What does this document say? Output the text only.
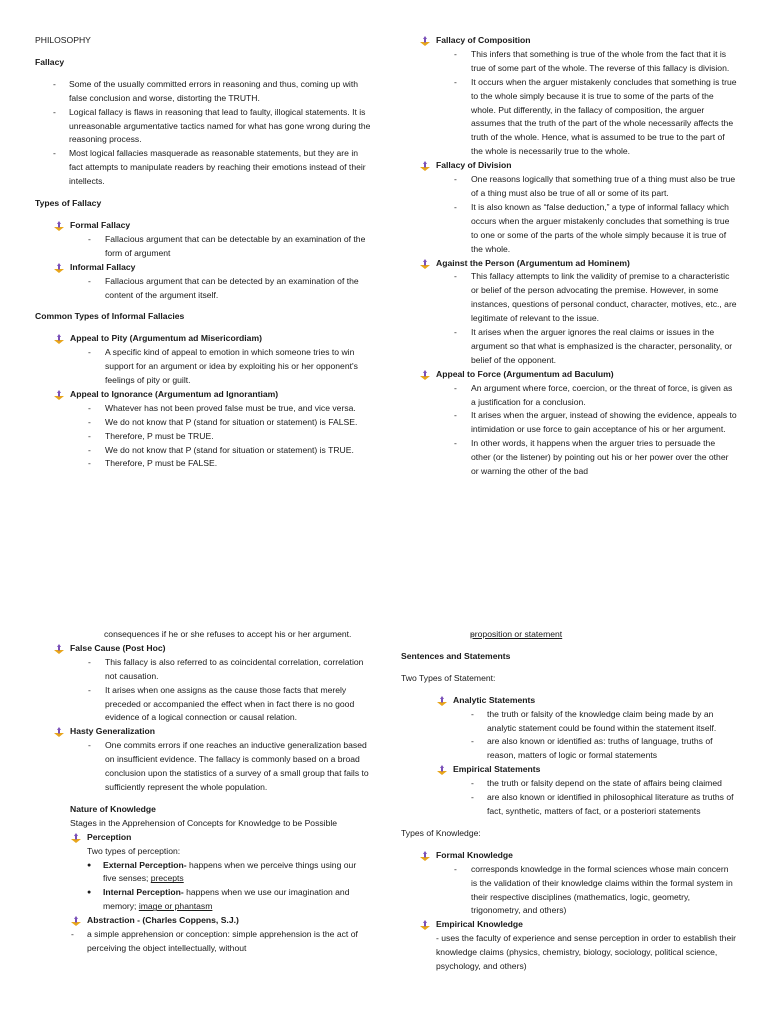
PHILOSOPHY
Fallacy
- Some of the usually committed errors in reasoning and thus, coming up with false conclusion and worse, distorting the TRUTH.
- Logical fallacy is flaws in reasoning that lead to faulty, illogical statements. It is unreasonable argumentative tactics named for what has gone wrong during the reasoning process.
- Most logical fallacies masquerade as reasonable statements, but they are in fact attempts to manipulate readers by reaching their emotions instead of their intellects.
Types of Fallacy
Formal Fallacy
- Fallacious argument that can be detectable by an examination of the form of argument
Informal Fallacy
- Fallacious argument that can be detected by an examination of the content of the argument itself.
Common Types of Informal Fallacies
Appeal to Pity (Argumentum ad Misericordiam)
- A specific kind of appeal to emotion in which someone tries to win support for an argument or idea by exploiting his or her opponent's feelings of pity or guilt.
Appeal to Ignorance (Argumentum ad Ignorantiam)
- Whatever has not been proved false must be true, and vice versa.
- We do not know that P (stand for situation or statement) is FALSE.
- Therefore, P must be TRUE.
- We do not know that P (stand for situation or statement) is TRUE.
- Therefore, P must be FALSE.
Fallacy of Composition
- This infers that something is true of the whole from the fact that it is true of some part of the whole. The reverse of this fallacy is division.
- It occurs when the arguer mistakenly concludes that something is true to the whole simply because it is true to some of the parts of the whole. Put differently, in the fallacy of composition, the arguer assumes that the truth of the part of the whole necessarily affects the truth of the whole. Hence, what is assumed to be true to the part of the whole is necessarily true to the whole.
Fallacy of Division
- One reasons logically that something true of a thing must also be true of a thing must also be true of all or some of its part.
- It is also known as “false deduction,” a type of informal fallacy which occurs when the arguer mistakenly concludes that something is true to one or some of the parts of the whole simply because it is true of the whole.
Against the Person (Argumentum ad Hominem)
- This fallacy attempts to link the validity of premise to a characteristic or belief of the person advocating the premise. However, in some instances, questions of personal conduct, character, motives, etc., are legitimate of relevant to the issue.
- It arises when the arguer ignores the real claims or issues in the argument so that what is emphasized is the character, personality, or belief of the opponent.
Appeal to Force (Argumentum ad Baculum)
- An argument where force, coercion, or the threat of force, is given as a justification for a conclusion.
- It arises when the arguer, instead of showing the evidence, appeals to intimidation or use force to gain acceptance of his or her argument.
- In other words, it happens when the arguer tries to persuade the other (or the listener) by pointing out his or her power over the other or warning the other of the bad
consequences if he or she refuses to accept his or her argument.
False Cause (Post Hoc)
- This fallacy is also referred to as coincidental correlation, correlation not causation.
- It arises when one assigns as the cause those facts that merely preceded or accompanied the effect when in fact there is no good evidence of a logical connection or causal relation.
Hasty Generalization
- One commits errors if one reaches an inductive generalization based on insufficient evidence. The fallacy is commonly based on a broad conclusion upon the statistics of a survey of a small group that fails to sufficiently represent the whole population.
Nature of Knowledge
Stages in the Apprehension of Concepts for Knowledge to be Possible
Perception
Two types of perception:
● External Perception- happens when we perceive things using our five senses; precepts
● Internal Perception- happens when we use our imagination and memory; image or phantasm
Abstraction - (Charles Coppens, S.J.)
- a simple apprehension or conception: simple apprehension is the act of perceiving the object intellectually, without
- proposition or statement
Sentences and Statements
Two Types of Statement:
Analytic Statements
- the truth or falsity of the knowledge claim being made by an analytic statement could be found within the statement itself.
- are also known or identified as: truths of language, truths of reason, matters of logic or formal statements
Empirical Statements
- the truth or falsity depend on the state of affairs being claimed
- are also known or identified in philosophical literature as truths of fact, synthetic, matters of fact, or a posteriori statements
Types of Knowledge:
Formal Knowledge
- corresponds knowledge in the formal sciences whose main concern is the validation of their knowledge claims within the formal system in their respective disciplines (mathematics, logic, geometry, trigonometry, and others)
Empirical Knowledge
- uses the faculty of experience and sense perception in order to establish their knowledge claims (physics, chemistry, biology, sociology, political science, psychology, and others)
